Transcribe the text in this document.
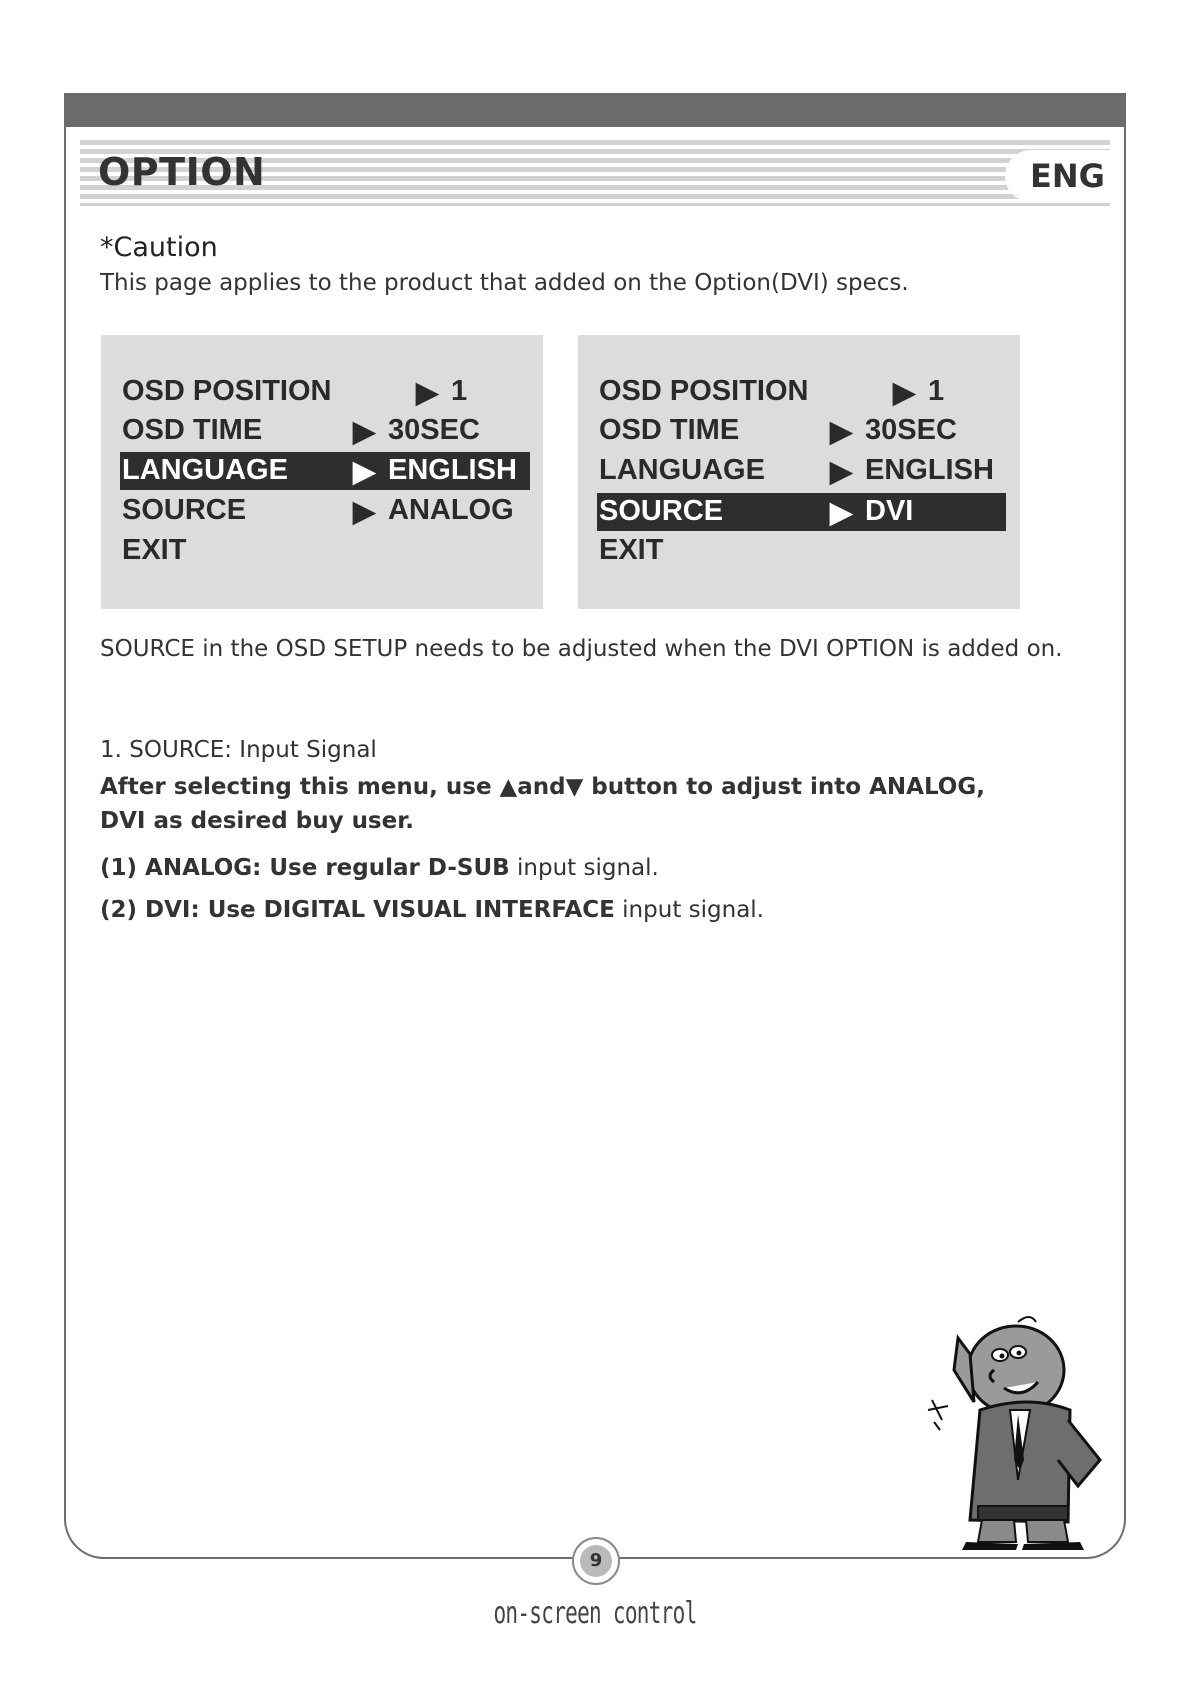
OPTION	ENG
*Caution
This page applies to the product that added on the Option(DVI) specs.
OSD POSITION	▶ 1
OSD TIME	▶ 30SEC
LANGUAGE ▶ ENGLISH
SOURCE	▶ ANALOG
EXIT
OSD POSITION	▶ 1
OSD TIME	▶ 30SEC
LANGUAGE ▶ ENGLISH
SOURCE	▶ DVI
EXIT
SOURCE in the OSD SETUP needs to be adjusted when the DVI OPTION is added on.
1. SOURCE: Input Signal
After selecting this menu, use ▲and▼ button to adjust into ANALOG, DVI as desired buy user.
(1) ANALOG: Use regular D-SUB input signal.
(2) DVI: Use DIGITAL VISUAL INTERFACE input signal.
9
on-screen control
